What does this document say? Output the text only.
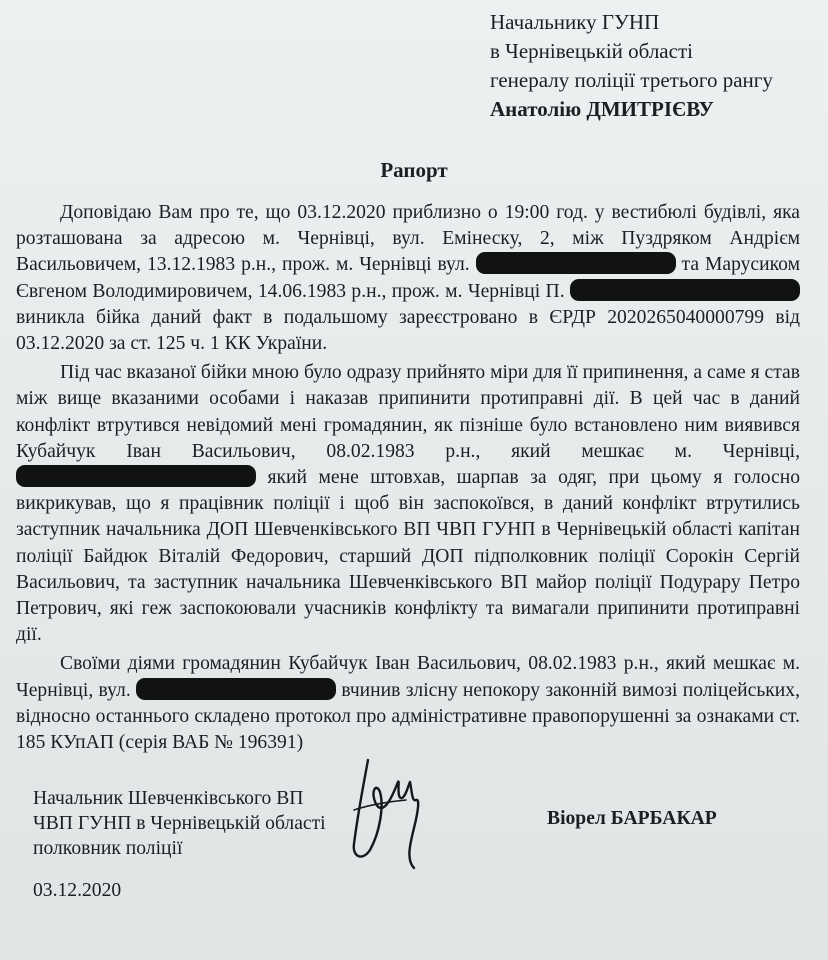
Начальнику ГУНП
в Чернівецькій області
генералу поліції третього рангу
Анатолію ДМИТРІЄВУ
Рапорт

Доповідаю Вам про те, що 03.12.2020 приблизно о 19:00 год. у вестибюлі будівлі, яка розташована за адресою м. Чернівці, вул. Емінеску, 2, між Пуздряком Андрієм Васильовичем, 13.12.1983 р.н., прож. м. Чернівці вул.	та Марусиком Євгеном Володимировичем, 14.06.1983 р.н., прож. м. Чернівці П.  виникла бійка даний факт в подальшому зареєстровано в ЄРДР 2020265040000799 від 03.12.2020 за ст. 125 ч. 1 КК України.

Під час вказаної бійки мною було одразу прийнято міри для її припинення, а саме я став між вище вказаними особами і наказав припинити протиправні дії. В цей час в даний конфлікт втрутився невідомий мені громадянин, як пізніше було встановлено ним виявився Кубайчук Іван Васильович, 08.02.1983 р.н., який мешкає м. Чернівці,  який мене штовхав, шарпав за одяг, при цьому я голосно викрикував, що я працівник поліції і щоб він заспокоївся, в даний конфлікт втрутились заступник начальника ДОП Шевченківського ВП ЧВП ГУНП в Чернівецькій області капітан поліції Байдюк Віталій Федорович, старший ДОП підполковник поліції Сорокін Сергій Васильович, та заступник начальника Шевченківського ВП майор поліції Подурару Петро Петрович, які геж заспокоювали учасників конфлікту та вимагали припинити протиправні дії.

Своїми діями громадянин Кубайчук Іван Васильович, 08.02.1983 р.н., який мешкає м. Чернівці, вул.	вчинив злісну непокору законній вимозі поліцейських, відносно останнього складено протокол про адміністративне правопорушенні за ознаками ст. 185 КУпАП (серія ВАБ № 196391)

Начальник Шевченківського ВП
ЧВП ГУНП в Чернівецькій області
полковник поліції
Віорел БАРБАКАР
03.12.2020
